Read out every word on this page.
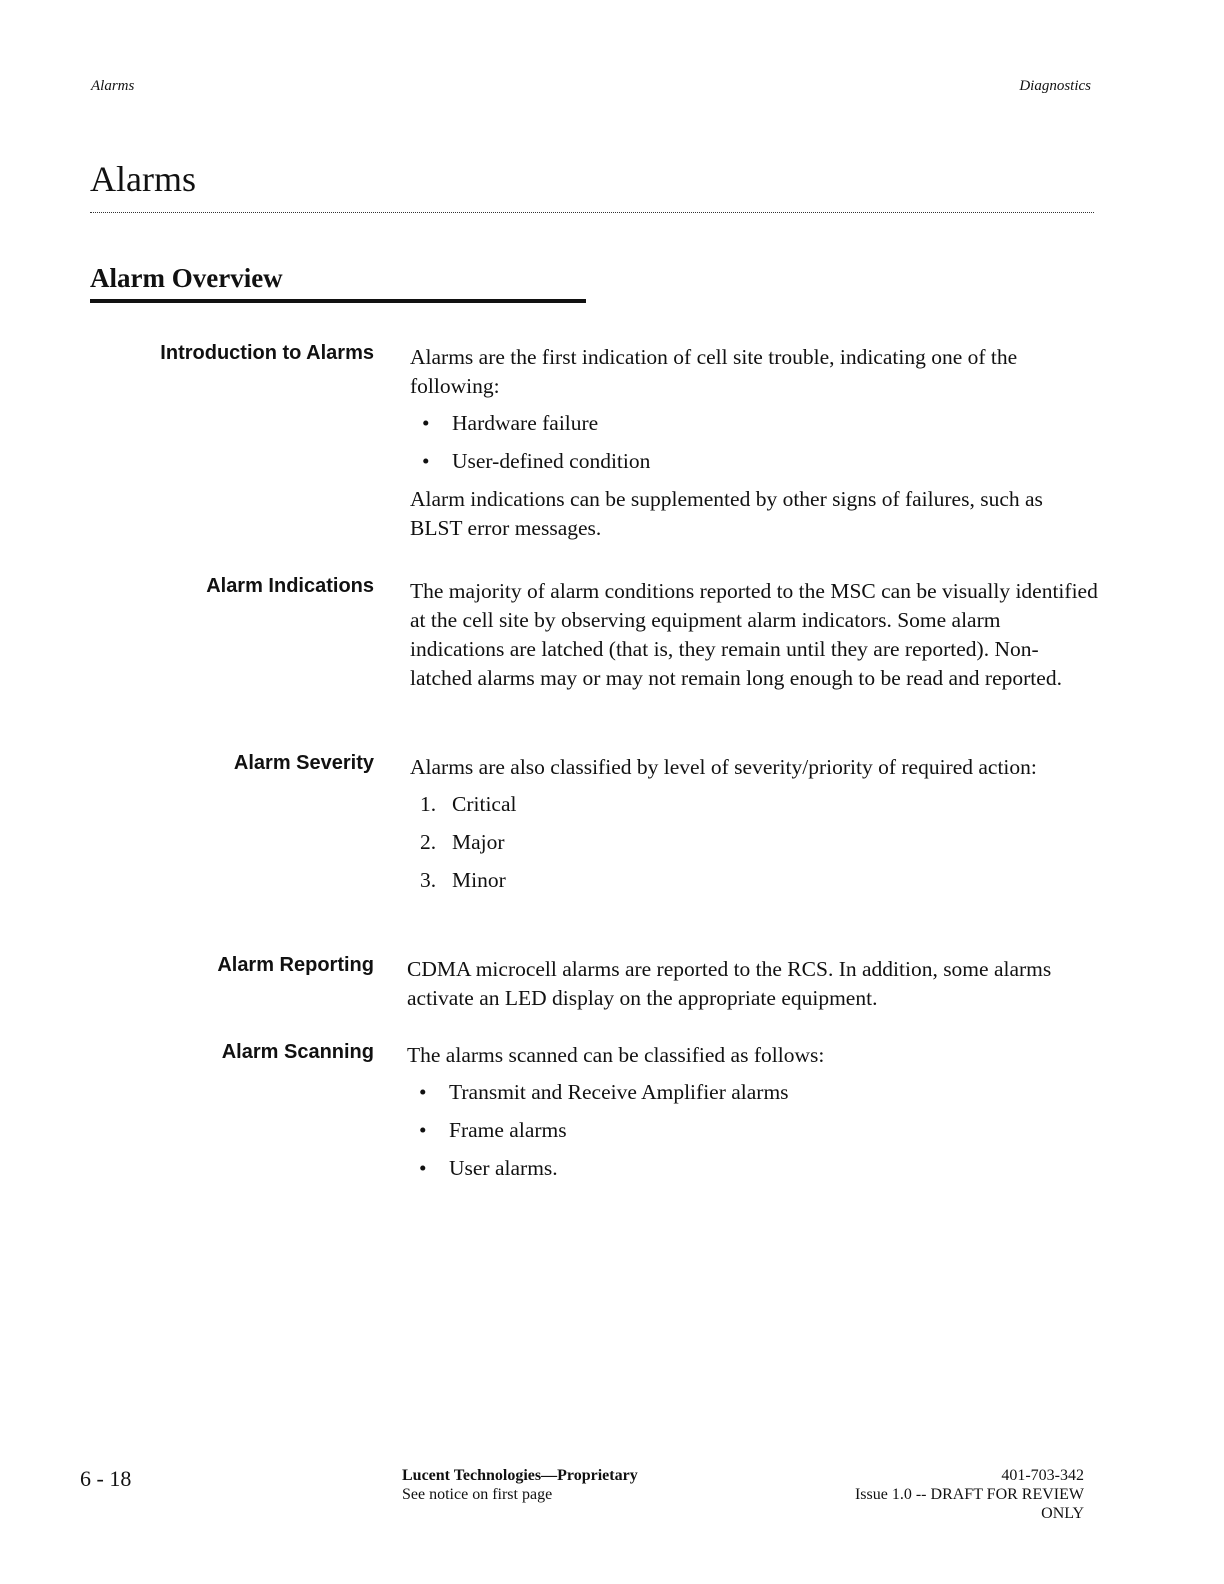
Alarms	Diagnostics
Alarms
Alarm Overview
Introduction to Alarms Alarms are the first indication of cell site trouble, indicating one of the following:

• Hardware failure
• User-defined condition

Alarm indications can be supplemented by other signs of failures, such as BLST error messages.

Alarm Indications The majority of alarm conditions reported to the MSC can be visually identified at the cell site by observing equipment alarm indicators. Some alarm indications are latched (that is, they remain until they are reported). Non-latched alarms may or may not remain long enough to be read and reported.

Alarm Severity Alarms are also classified by level of severity/priority of required action:

1. Critical
2. Major
3. Minor
Alarm Reporting CDMA microcell alarms are reported to the RCS. In addition, some alarms activate an LED display on the appropriate equipment.

Alarm Scanning The alarms scanned can be classified as follows:

• Transmit and Receive Amplifier alarms
• Frame alarms
• User alarms.
6 - 18	Lucent Technologies—Proprietary
See notice on first page
401-703-342
Issue 1.0 -- DRAFT FOR REVIEW
ONLY
